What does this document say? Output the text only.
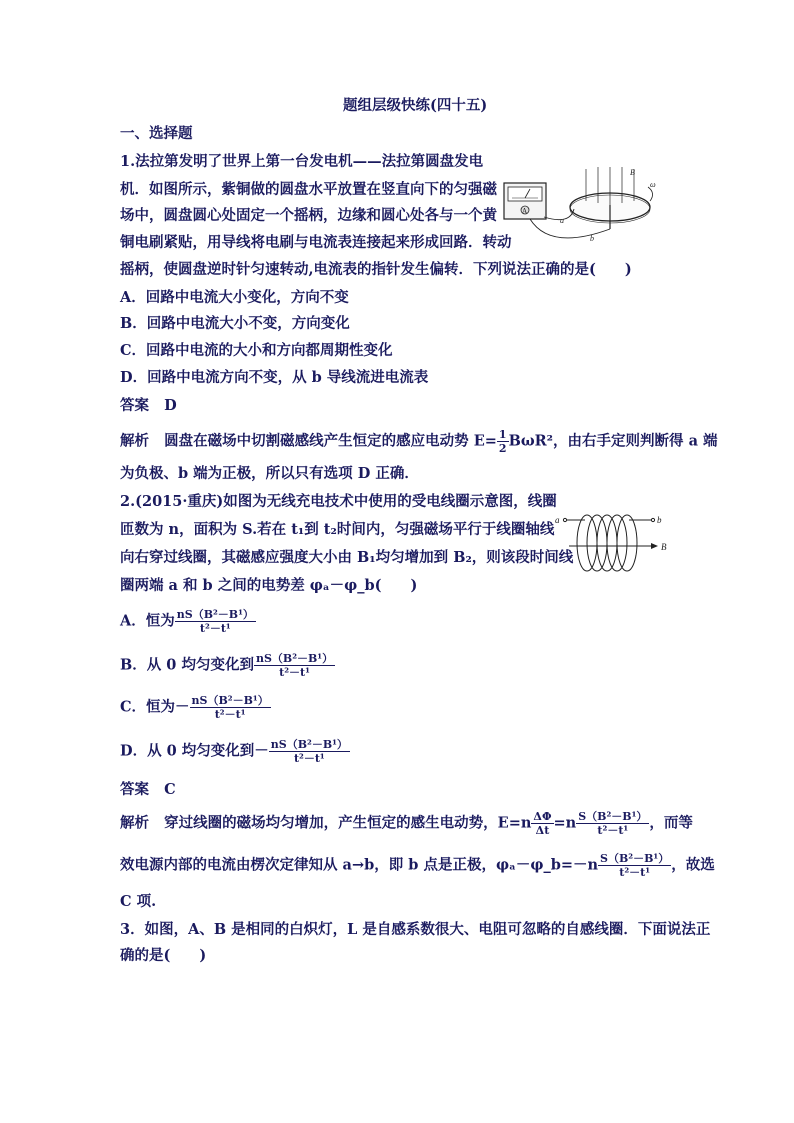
题组层级快练(四十五)
一、选择题
1.法拉第发明了世界上第一台发电机——法拉第圆盘发电
机．如图所示，紫铜做的圆盘水平放置在竖直向下的匀强磁
场中，圆盘圆心处固定一个摇柄，边缘和圆心处各与一个黄
铜电刷紧贴，用导线将电刷与电流表连接起来形成回路．转动
摇柄，使圆盘逆时针匀速转动,电流表的指针发生偏转．下列说法正确的是(　　)
A
B
ω
a
b
A．回路中电流大小变化，方向不变
B．回路中电流大小不变，方向变化
C．回路中电流的大小和方向都周期性变化
D．回路中电流方向不变，从 b 导线流进电流表
答案 D
解析 圆盘在磁场中切割磁感线产生恒定的感应电动势 $E= \frac{1}{2} B\omega R^2$，由右手定则判断得 a 端
为负极、b 端为正极，所以只有选项 D 正确．
2.(2015·重庆)如图为无线充电技术中使用的受电线圈示意图，线圈
匝数为 n，面积为 S.若在 t₁到 t₂时间内，匀强磁场平行于线圈轴线
向右穿过线圈，其磁感应强度大小由 B₁均匀增加到 B₂，则该段时间线
圈两端 a 和 b 之间的电势差 φₐ－φ_b(　　)
a	b
B
A．恒为 $\frac{\text{nS（B²－B¹）}}{\text{t²－t¹}}$
B．从 0 均匀变化到 $\frac{\text{nS（B²－B¹）}}{\text{t²－t¹}}$
C．恒为－ $\frac{\text{nS（B²－B¹）}}{\text{t²－t¹}}$
D．从 0 均匀变化到－ $\frac{\text{nS（B²－B¹）}}{\text{t²－t¹}}$
答案 C
解析 穿过线圈的磁场均匀增加，产生恒定的感生电动势，$E=n \frac{\Delta\Phi}{\Delta t} =n \frac{\text{S（B²－B¹）}}{\text{t²－t¹}}$ ，而等
效电源内部的电流由楞次定律知从 a→b，即 b 点是正极，φₐ－φ_b=－n $\frac{\text{S（B²－B¹）}}{\text{t²－t¹}}$ ，故选
C 项.
3．如图，A、B 是相同的白炽灯，L 是自感系数很大、电阻可忽略的自感线圈．下面说法正
确的是(　　)
